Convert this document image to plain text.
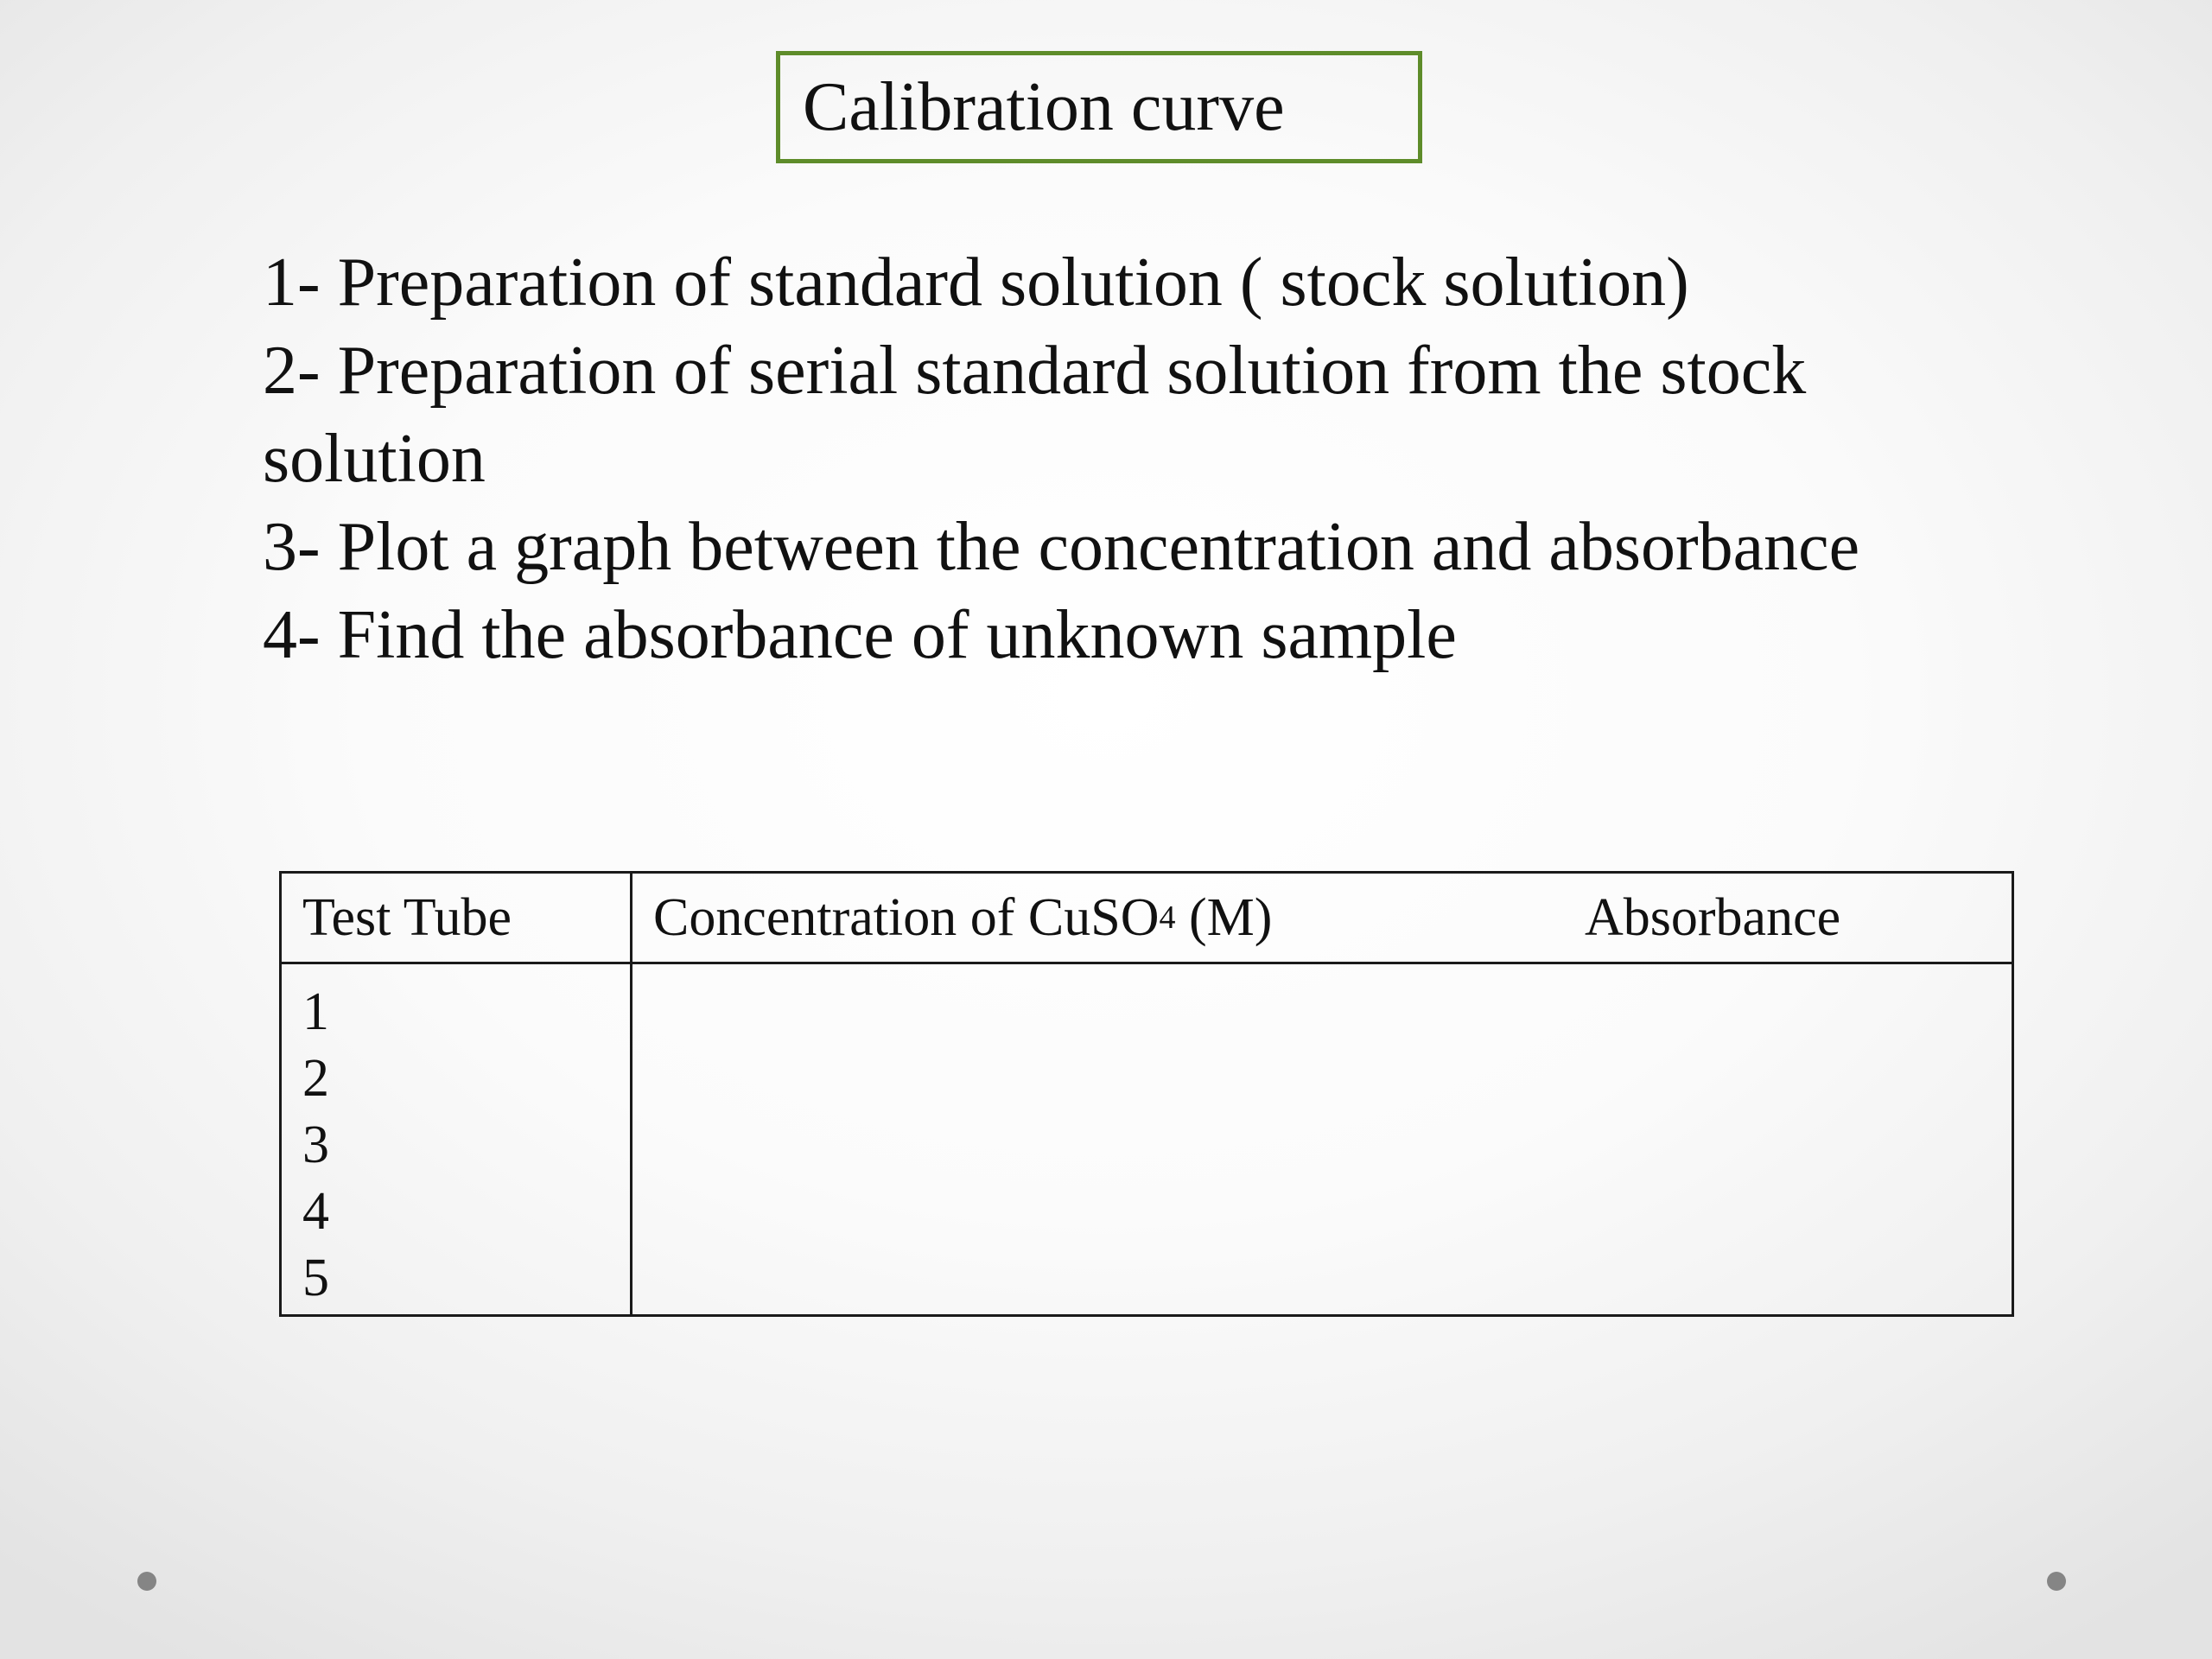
Calibration curve
1- Preparation of standard solution ( stock solution)
2- Preparation of serial standard solution from the stock
solution
3- Plot a graph between the concentration and absorbance
4- Find the absorbance of unknown sample
Test Tube	Concentration of CuSO 4 (M)	Absorbance
1
2
3
4
5
